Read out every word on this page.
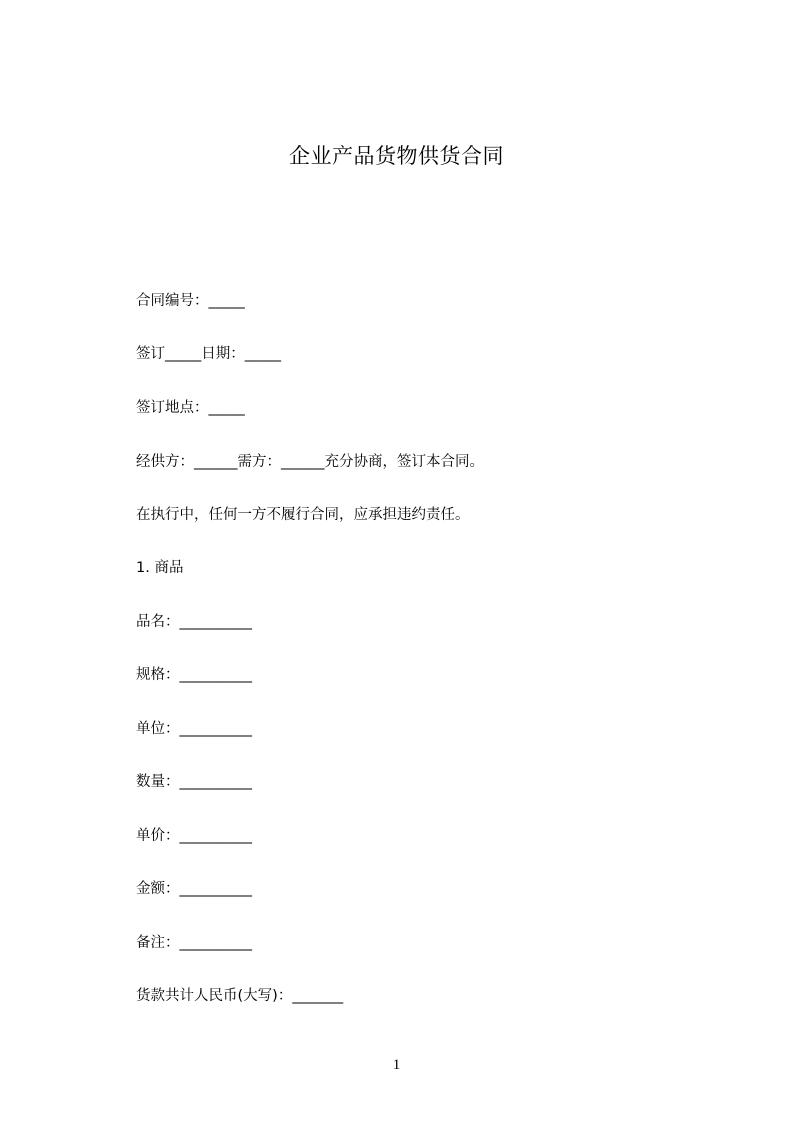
企业产品货物供货合同
合同编号：_____
签订_____日期：_____
签订地点：_____
经供方：______需方：______充分协商，签订本合同。
在执行中，任何一方不履行合同，应承担违约责任。
1. 商品
品名：__________
规格：__________
单位：__________
数量：__________
单价：__________
金额：__________
备注：__________
货款共计人民币(大写)：_______
1
